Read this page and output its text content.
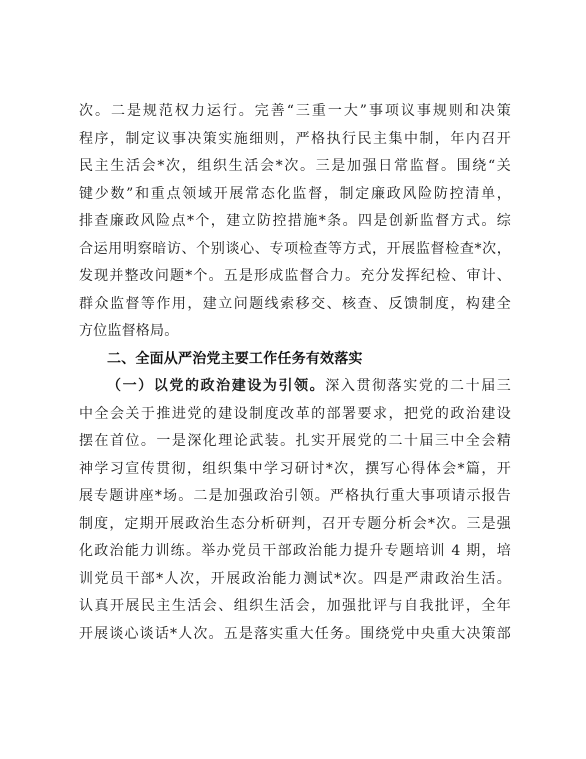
次。二是规范权力运行。完善“三重一大”事项议事规则和决策
程序，制定议事决策实施细则，严格执行民主集中制，年内召开
民主生活会*次，组织生活会*次。三是加强日常监督。围绕“关
键少数”和重点领域开展常态化监督，制定廉政风险防控清单，
排查廉政风险点*个，建立防控措施*条。四是创新监督方式。综
合运用明察暗访、个别谈心、专项检查等方式，开展监督检查*次，
发现并整改问题*个。五是形成监督合力。充分发挥纪检、审计、
群众监督等作用，建立问题线索移交、核查、反馈制度，构建全
方位监督格局。
二、全面从严治党主要工作任务有效落实
（一）以党的政治建设为引领。深入贯彻落实党的二十届三
中全会关于推进党的建设制度改革的部署要求，把党的政治建设
摆在首位。一是深化理论武装。扎实开展党的二十届三中全会精
神学习宣传贯彻，组织集中学习研讨*次，撰写心得体会*篇，开
展专题讲座*场。二是加强政治引领。严格执行重大事项请示报告
制度，定期开展政治生态分析研判，召开专题分析会*次。三是强
化政治能力训练。举办党员干部政治能力提升专题培训 4 期，培
训党员干部*人次，开展政治能力测试*次。四是严肃政治生活。
认真开展民主生活会、组织生活会，加强批评与自我批评，全年
开展谈心谈话*人次。五是落实重大任务。围绕党中央重大决策部
